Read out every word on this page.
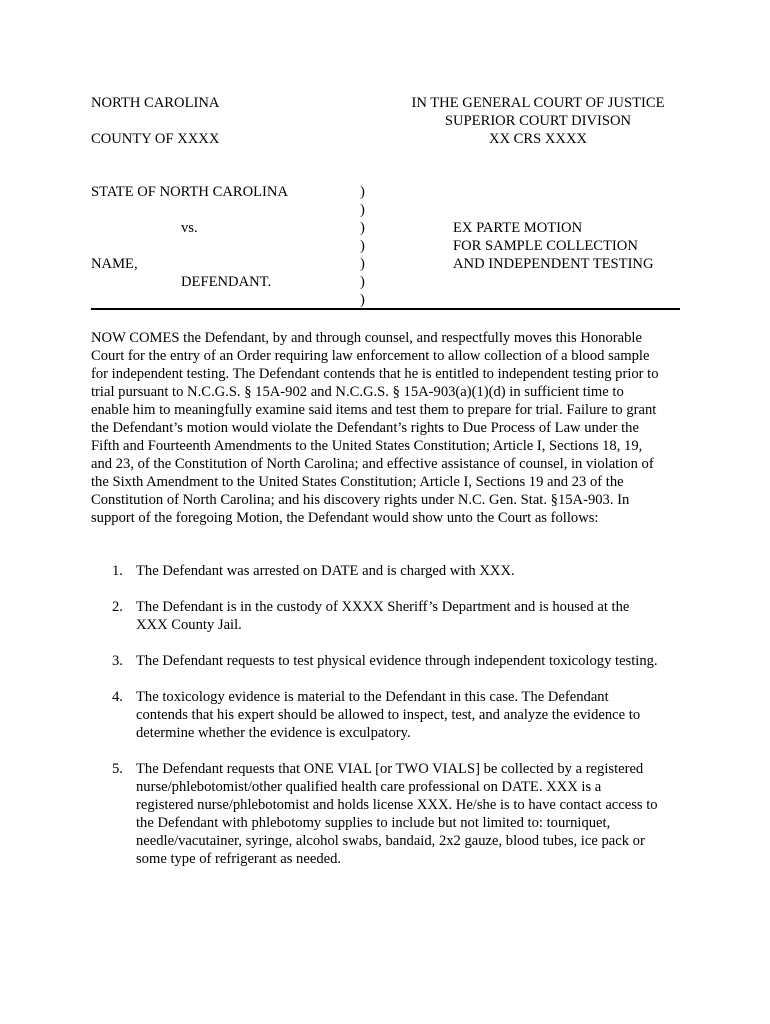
NORTH CAROLINA
COUNTY OF XXXX
IN THE GENERAL COURT OF JUSTICE
SUPERIOR COURT DIVISON
XX CRS XXXX
STATE OF NORTH CAROLINA
vs.
NAME,
DEFENDANT.
)
)
)
)
)
)
)
EX PARTE MOTION
FOR SAMPLE COLLECTION
AND INDEPENDENT TESTING
NOW COMES the Defendant, by and through counsel, and respectfully moves this Honorable
Court for the entry of an Order requiring law enforcement to allow collection of a blood sample
for independent testing. The Defendant contends that he is entitled to independent testing prior to
trial pursuant to N.C.G.S. § 15A-902 and N.C.G.S. § 15A-903(a)(1)(d) in sufficient time to
enable him to meaningfully examine said items and test them to prepare for trial. Failure to grant
the Defendant’s motion would violate the Defendant’s rights to Due Process of Law under the
Fifth and Fourteenth Amendments to the United States Constitution; Article I, Sections 18, 19,
and 23, of the Constitution of North Carolina; and effective assistance of counsel, in violation of
the Sixth Amendment to the United States Constitution; Article I, Sections 19 and 23 of the
Constitution of North Carolina; and his discovery rights under N.C. Gen. Stat. §15A-903. In
support of the foregoing Motion, the Defendant would show unto the Court as follows:
1. The Defendant was arrested on DATE and is charged with XXX.
2. The Defendant is in the custody of XXXX Sheriff’s Department and is housed at the
XXX County Jail.
3. The Defendant requests to test physical evidence through independent toxicology testing.
4. The toxicology evidence is material to the Defendant in this case. The Defendant
contends that his expert should be allowed to inspect, test, and analyze the evidence to
determine whether the evidence is exculpatory.
5. The Defendant requests that ONE VIAL [or TWO VIALS] be collected by a registered
nurse/phlebotomist/other qualified health care professional on DATE. XXX is a
registered nurse/phlebotomist and holds license XXX. He/she is to have contact access to
the Defendant with phlebotomy supplies to include but not limited to: tourniquet,
needle/vacutainer, syringe, alcohol swabs, bandaid, 2x2 gauze, blood tubes, ice pack or
some type of refrigerant as needed.
